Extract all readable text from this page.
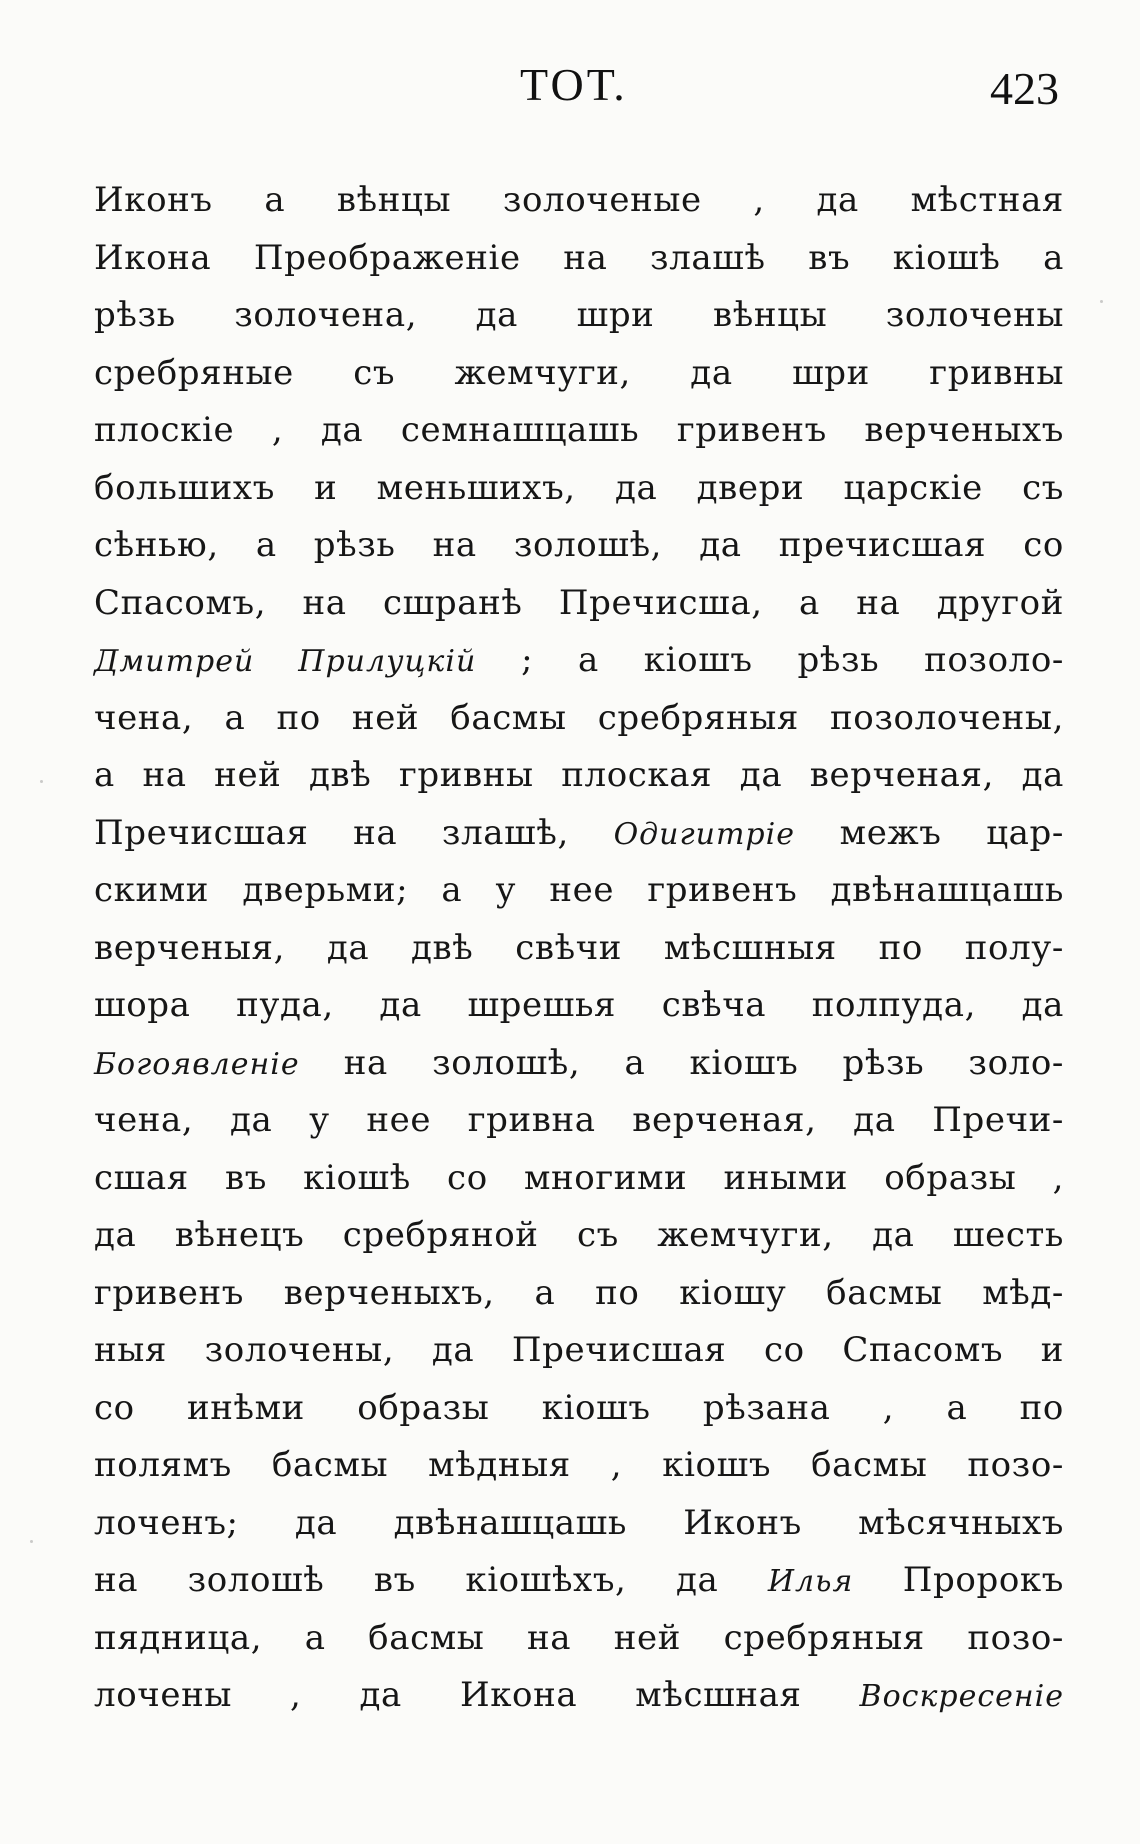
ТОТ.	423
Иконъ а вѣнцы золоченые , да мѣстная
Икона Преображеніе на злашѣ въ кіошѣ а
рѣзь золочена, да шри вѣнцы золочены
сребряные съ жемчуги, да шри гривны
плоскіе , да семнашцашь гривенъ верченыхъ
большихъ и меньшихъ, да двери царскіе съ
сѣнью, а рѣзь на золошѣ, да пречисшая со
Спасомъ, на сшранѣ Пречисша, а на другой
Дмитрей Прилуцкій ; а кіошъ рѣзь позоло-
чена, а по ней басмы сребряныя позолочены,
а на ней двѣ гривны плоская да верченая, да
Пречисшая на злашѣ, Одигитріе межъ цар-
скими дверьми; а у нее гривенъ двѣнашцашь
верченыя, да двѣ свѣчи мѣсшныя по полу-
шора пуда, да шрешья свѣча полпуда, да
Богоявленіе на золошѣ, а кіошъ рѣзь золо-
чена, да у нее гривна верченая, да Пречи-
сшая въ кіошѣ со многими иными образы ,
да вѣнецъ сребряной съ жемчуги, да шесть
гривенъ верченыхъ, а по кіошу басмы мѣд-
ныя золочены, да Пречисшая со Спасомъ и
со инѣми образы кіошъ рѣзана , а по
полямъ басмы мѣдныя , кіошъ басмы позо-
лоченъ; да двѣнашцашь Иконъ мѣсячныхъ
на золошѣ въ кіошѣхъ, да Илья Пророкъ
пядница, а басмы на ней сребряныя позо-
лочены , да Икона мѣсшная Воскресеніе
